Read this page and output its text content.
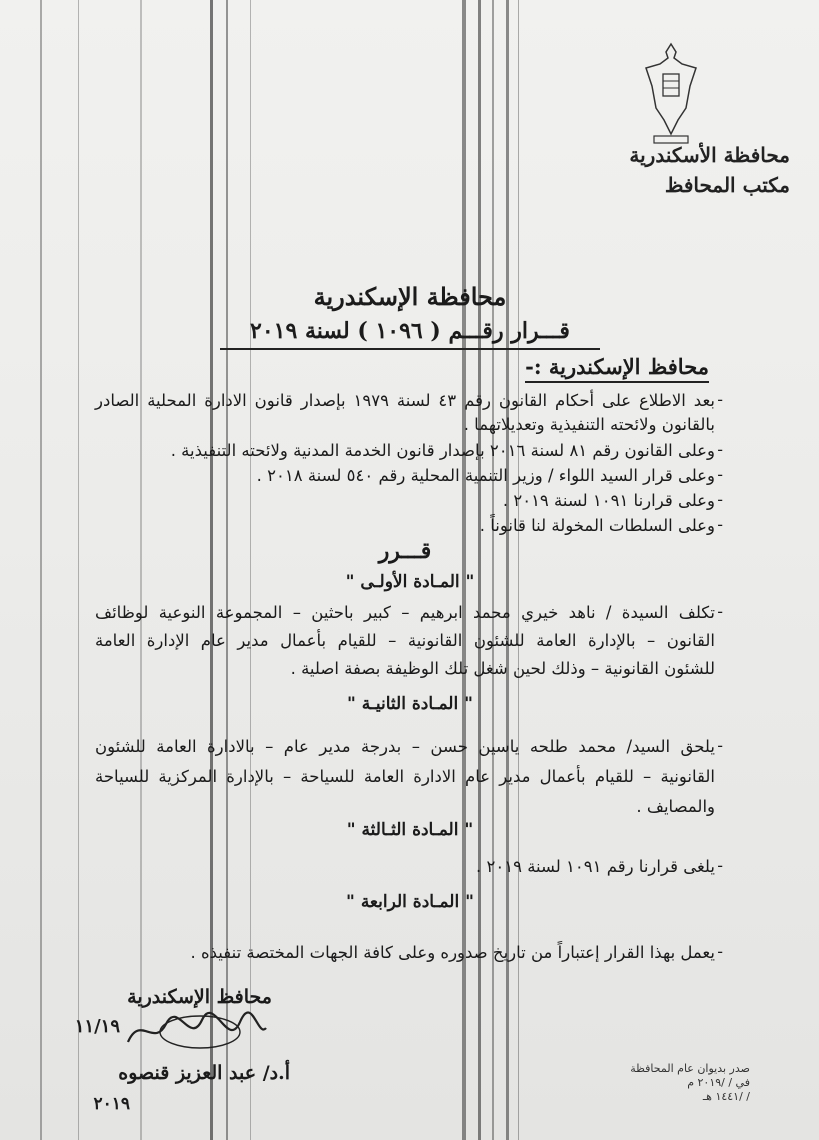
محافظة الأسكندرية
مكتب المحافظ
محافظة الإسكندرية
قـــرار رقـــم ( ١٠٩٦ ) لسنة ٢٠١٩
محافظ الإسكندرية :-
-
بعد الاطلاع على أحكام القانون رقم ٤٣ لسنة ١٩٧٩ بإصدار قانون الادارة المحلية الصادر
بالقانون ولائحته التنفيذية وتعديلاتهما .
-
وعلى القانون رقم ٨١ لسنة ٢٠١٦ بإصدار قانون الخدمة المدنية ولائحته التنفيذية .
-
وعلى قرار السيد اللواء / وزير التنمية المحلية رقم ٥٤٠ لسنة ٢٠١٨ .
-
وعلى قرارنا ١٠٩١ لسنة ٢٠١٩ .
-
وعلى السلطات المخولة لنا قانوناً .
قـــرر
" المـادة الأولـى "
-
تكلف السيدة / ناهد خيري محمد ابرهيم – كبير باحثين – المجموعة النوعية لوظائف
القانون – بالإدارة العامة للشئون القانونية – للقيام بأعمال مدير عام الإدارة العامة
للشئون القانونية – وذلك لحين شغل تلك الوظيفة بصفة اصلية .
" المـادة الثانيـة "
-
يلحق السيد/ محمد طلحه ياسين حسن – بدرجة مدير عام – بالادارة العامة للشئون
القانونية – للقيام بأعمال مدير عام الادارة العامة للسياحة – بالإدارة المركزية للسياحة
والمصايف .
" المـادة الثـالثة "
-
يلغى قرارنا رقم ١٠٩١ لسنة ٢٠١٩ .
" المـادة الرابعة "
-
يعمل بهذا القرار إعتباراً من تاريخ صدوره وعلى كافة الجهات المختصة تنفيذه .
محافظ الإسكندرية
١١/١٩
أ.د/ عبد العزيز قنصوه
٢٠١٩
صدر بديوان عام المحافظة
في / /٢٠١٩ م
/ /١٤٤١ هـ
